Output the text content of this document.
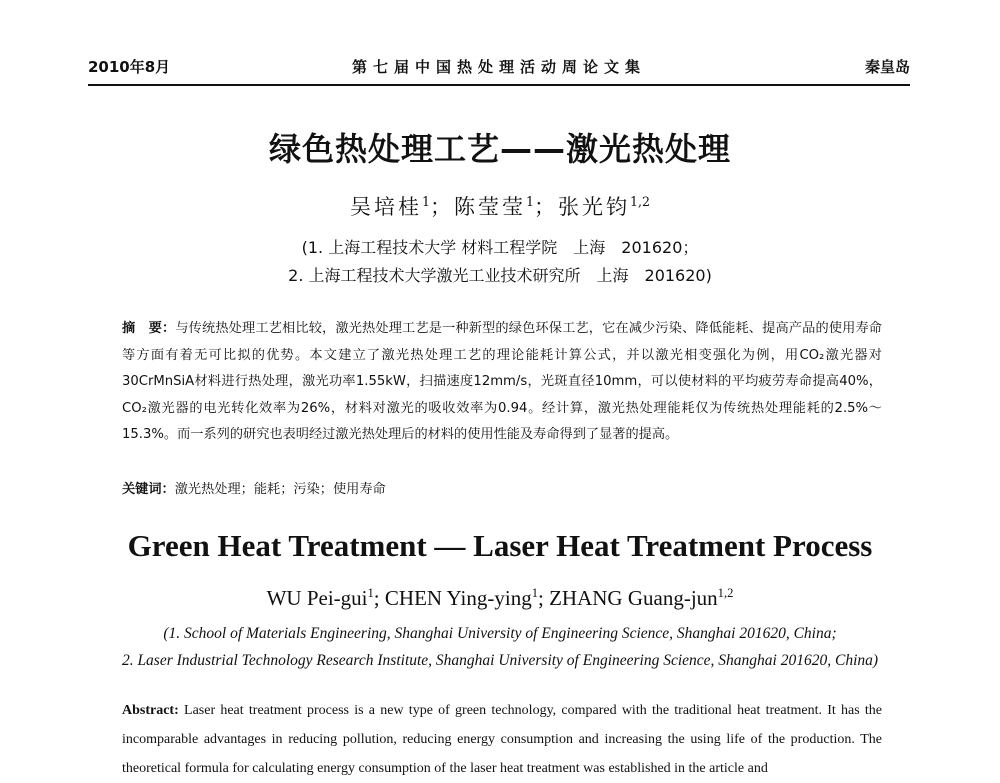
2010年8月	第七届中国热处理活动周论文集	秦皇岛
绿色热处理工艺——激光热处理
吴培桂$^1$；陈莹莹$^1$；张光钧$^{1,2}$
(1. 上海工程技术大学 材料工程学院　上海　201620；
2. 上海工程技术大学激光工业技术研究所　上海　201620)
摘　要：与传统热处理工艺相比较，激光热处理工艺是一种新型的绿色环保工艺，它在减少污染、降低能耗、提高产品的使用寿命等方面有着无可比拟的优势。本文建立了激光热处理工艺的理论能耗计算公式，并以激光相变强化为例，用CO₂激光器对30CrMnSiA材料进行热处理，激光功率1.55kW，扫描速度12mm/s，光斑直径10mm，可以使材料的平均疲劳寿命提高40%，CO₂激光器的电光转化效率为26%，材料对激光的吸收效率为0.94。经计算，激光热处理能耗仅为传统热处理能耗的2.5%～15.3%。而一系列的研究也表明经过激光热处理后的材料的使用性能及寿命得到了显著的提高。
关键词：激光热处理；能耗；污染；使用寿命
Green Heat Treatment — Laser Heat Treatment Process
WU Pei-gui$^1$; CHEN Ying-ying$^1$; ZHANG Guang-jun$^{1,2}$
(1. School of Materials Engineering, Shanghai University of Engineering Science, Shanghai 201620, China;
2. Laser Industrial Technology Research Institute, Shanghai University of Engineering Science, Shanghai 201620, China)
Abstract: Laser heat treatment process is a new type of green technology, compared with the traditional heat treatment. It has the incomparable advantages in reducing pollution, reducing energy consumption and increasing the using life of the production. The theoretical formula for calculating energy consumption of the laser heat treatment was established in the article and
